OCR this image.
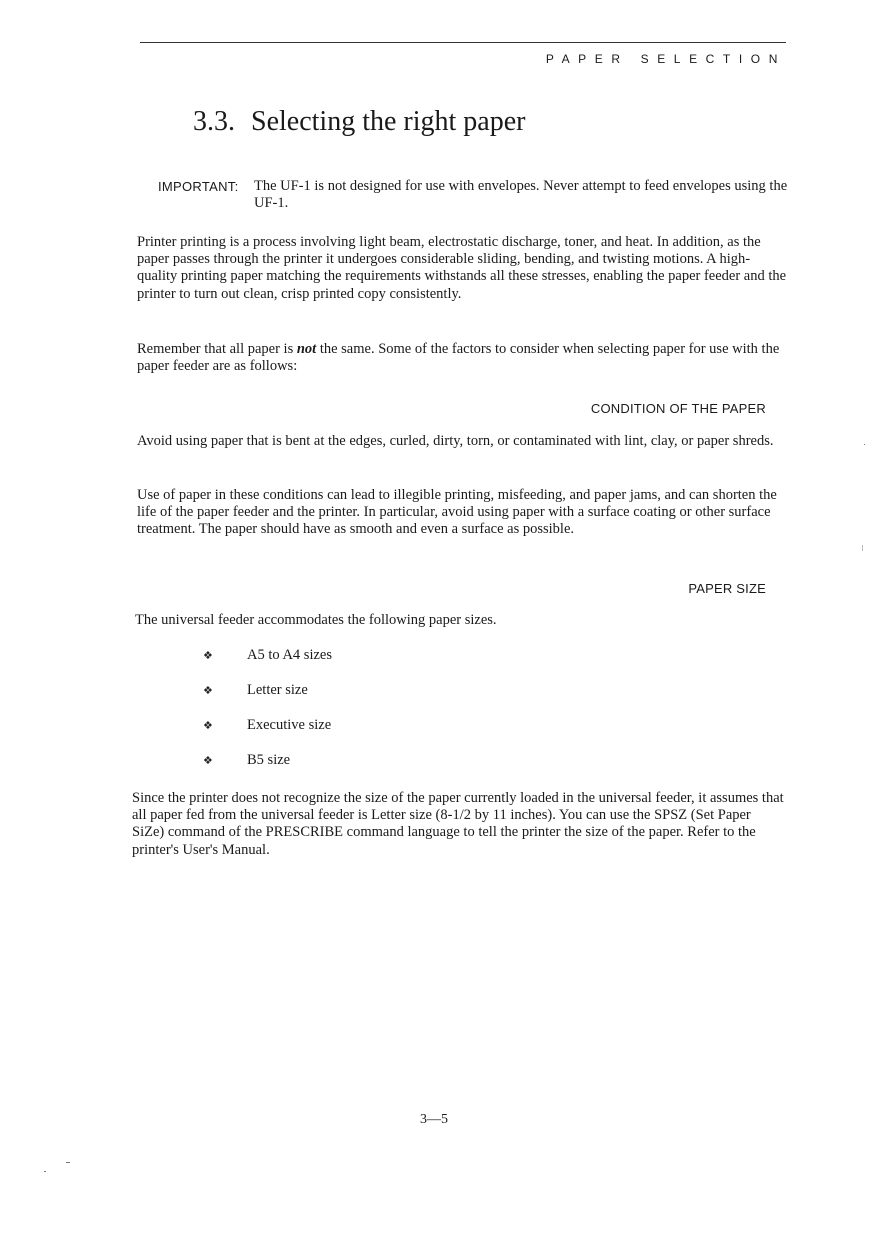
PAPER SELECTION
3.3. Selecting the right paper
IMPORTANT: The UF-1 is not designed for use with envelopes. Never attempt to feed envelopes using the UF-1.
Printer printing is a process involving light beam, electrostatic discharge, toner, and heat. In addition, as the paper passes through the printer it undergoes considerable sliding, bending, and twisting motions. A high- quality printing paper matching the requirements withstands all these stresses, enabling the paper feeder and the printer to turn out clean, crisp printed copy consistently.
Remember that all paper is not the same. Some of the factors to consider when selecting paper for use with the paper feeder are as follows:
CONDITION OF THE PAPER
Avoid using paper that is bent at the edges, curled, dirty, torn, or contaminated with lint, clay, or paper shreds.
Use of paper in these conditions can lead to illegible printing, misfeeding, and paper jams, and can shorten the life of the paper feeder and the printer. In particular, avoid using paper with a surface coating or other surface treatment. The paper should have as smooth and even a surface as possible.
PAPER SIZE
The universal feeder accommodates the following paper sizes.
❖ A5 to A4 sizes
❖ Letter size
❖ Executive size
❖ B5 size
Since the printer does not recognize the size of the paper currently loaded in the universal feeder, it assumes that all paper fed from the universal feeder is Letter size (8-1/2 by 11 inches). You can use the SPSZ (Set Paper SiZe) command of the PRESCRIBE command language to tell the printer the size of the paper. Refer to the printer's User's Manual.
3—5
